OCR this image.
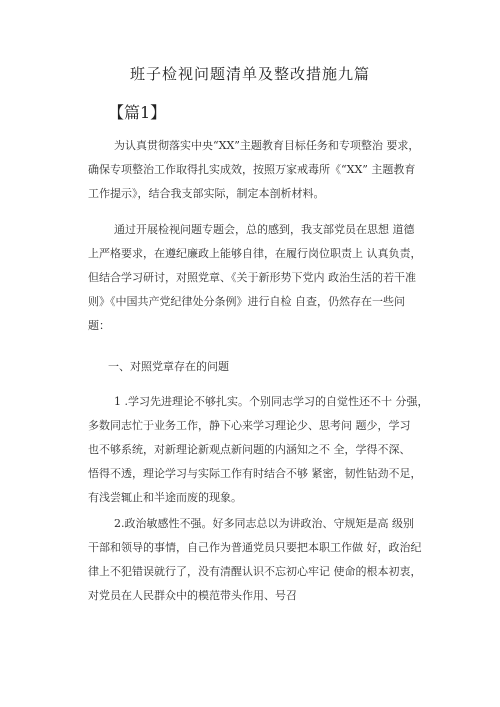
班子检视问题清单及整改措施九篇
【篇1】
为认真贯彻落实中央“XX”主题教育目标任务和专项整治 要求，
确保专项整治工作取得扎实成效，按照万家戒毒所《“XX” 主题教育
工作提示》，结合我支部实际，制定本剖析材料。
通过开展检视问题专题会，总的感到，我支部党员在思想 道德
上严格要求，在遵纪廉政上能够自律，在履行岗位职责上 认真负责，
但结合学习研讨，对照党章、《关于新形势下党内 政治生活的若干准
则》《中国共产党纪律处分条例》进行自检 自查，仍然存在一些问
题：
一、对照党章存在的问题
1 .学习先进理论不够扎实。个别同志学习的自觉性还不十 分强，
多数同志忙于业务工作，静下心来学习理论少、思考问 题少，学习
也不够系统，对新理论新观点新问题的内涵知之不 全，学得不深、
悟得不透，理论学习与实际工作有时结合不够 紧密，韧性钻劲不足，
有浅尝辄止和半途而废的现象。
2.政治敏感性不强。好多同志总以为讲政治、守规矩是高 级别
干部和领导的事情，自己作为普通党员只要把本职工作做 好，政治纪
律上不犯错误就行了，没有清醒认识不忘初心牢记 使命的根本初衷，
对党员在人民群众中的模范带头作用、号召
